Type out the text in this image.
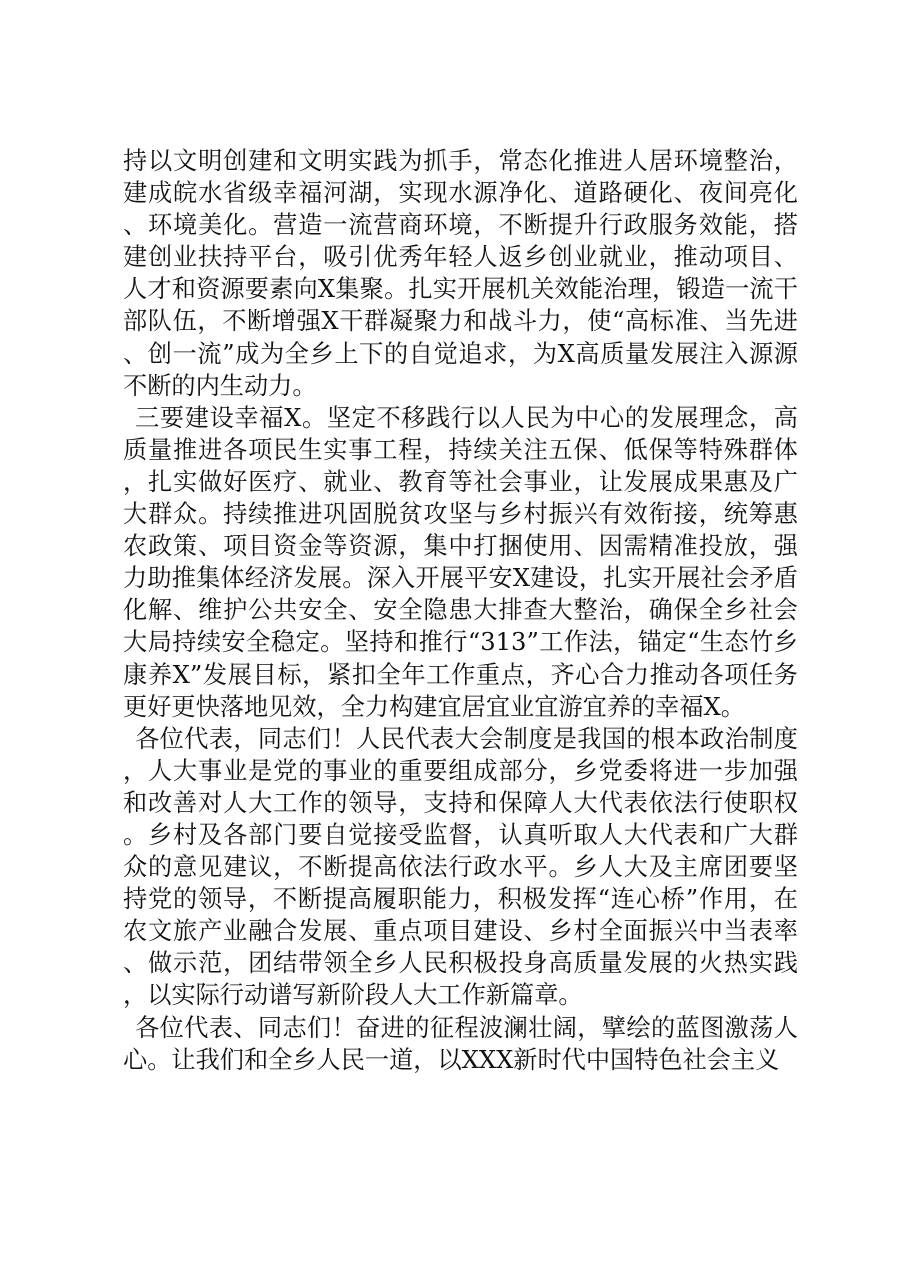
持以文明创建和文明实践为抓手，常态化推进人居环境整治，建成皖水省级幸福河湖，实现水源净化、道路硬化、夜间亮化、环境美化。营造一流营商环境，不断提升行政服务效能，搭建创业扶持平台，吸引优秀年轻人返乡创业就业，推动项目、人才和资源要素向X集聚。扎实开展机关效能治理，锻造一流干部队伍，不断增强X干群凝聚力和战斗力，使“高标准、当先进、创一流”成为全乡上下的自觉追求，为X高质量发展注入源源不断的内生动力。

三要建设幸福X。坚定不移践行以人民为中心的发展理念，高质量推进各项民生实事工程，持续关注五保、低保等特殊群体，扎实做好医疗、就业、教育等社会事业，让发展成果惠及广大群众。持续推进巩固脱贫攻坚与乡村振兴有效衔接，统筹惠农政策、项目资金等资源，集中打捆使用、因需精准投放，强力助推集体经济发展。深入开展平安X建设，扎实开展社会矛盾化解、维护公共安全、安全隐患大排查大整治，确保全乡社会大局持续安全稳定。坚持和推行“313”工作法，锚定“生态竹乡康养X”发展目标，紧扣全年工作重点，齐心合力推动各项任务更好更快落地见效，全力构建宜居宜业宜游宜养的幸福X。

各位代表，同志们！人民代表大会制度是我国的根本政治制度，人大事业是党的事业的重要组成部分，乡党委将进一步加强和改善对人大工作的领导，支持和保障人大代表依法行使职权。乡村及各部门要自觉接受监督，认真听取人大代表和广大群众的意见建议，不断提高依法行政水平。乡人大及主席团要坚持党的领导，不断提高履职能力，积极发挥“连心桥”作用，在农文旅产业融合发展、重点项目建设、乡村全面振兴中当表率、做示范，团结带领全乡人民积极投身高质量发展的火热实践，以实际行动谱写新阶段人大工作新篇章。

各位代表、同志们！奋进的征程波澜壮阔，擘绘的蓝图激荡人心。让我们和全乡人民一道，以XXX新时代中国特色社会主义
